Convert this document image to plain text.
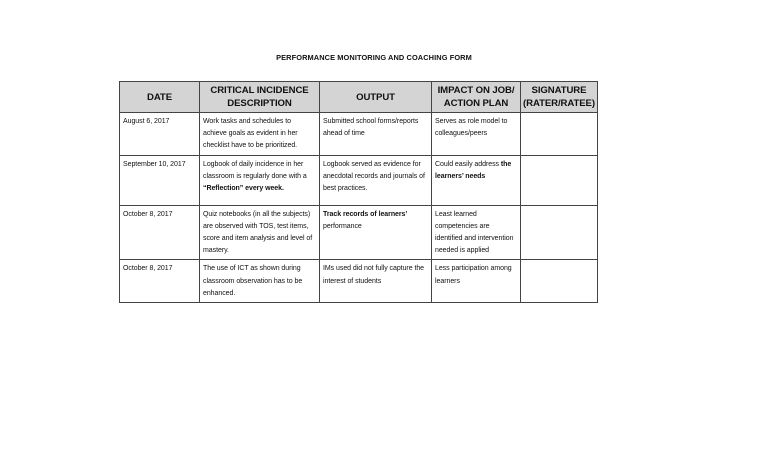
PERFORMANCE MONITORING AND COACHING FORM
DATE	CRITICAL INCIDENCE DESCRIPTION	OUTPUT	IMPACT ON JOB/ ACTION PLAN	SIGNATURE (RATER/RATEE)

August 6, 2017	Work tasks and schedules to achieve goals as evident in her checklist have to be prioritized.	Submitted school forms/reports ahead of time	Serves as role model to colleagues/peers	

September 10, 2017	Logbook of daily incidence in her classroom is regularly done with a “Reflection” every week.	Logbook served as evidence for anecdotal records and journals of best practices.	Could easily address the learners’ needs	

October 8, 2017	Quiz notebooks (in all the subjects) are observed with TOS, test items, score and item analysis and level of mastery.	Track records of learners’ performance	Least learned competencies are identified and intervention needed is applied	

October 8, 2017	The use of ICT as shown during classroom observation has to be enhanced.	IMs used did not fully capture the interest of students	Less participation among learners	
